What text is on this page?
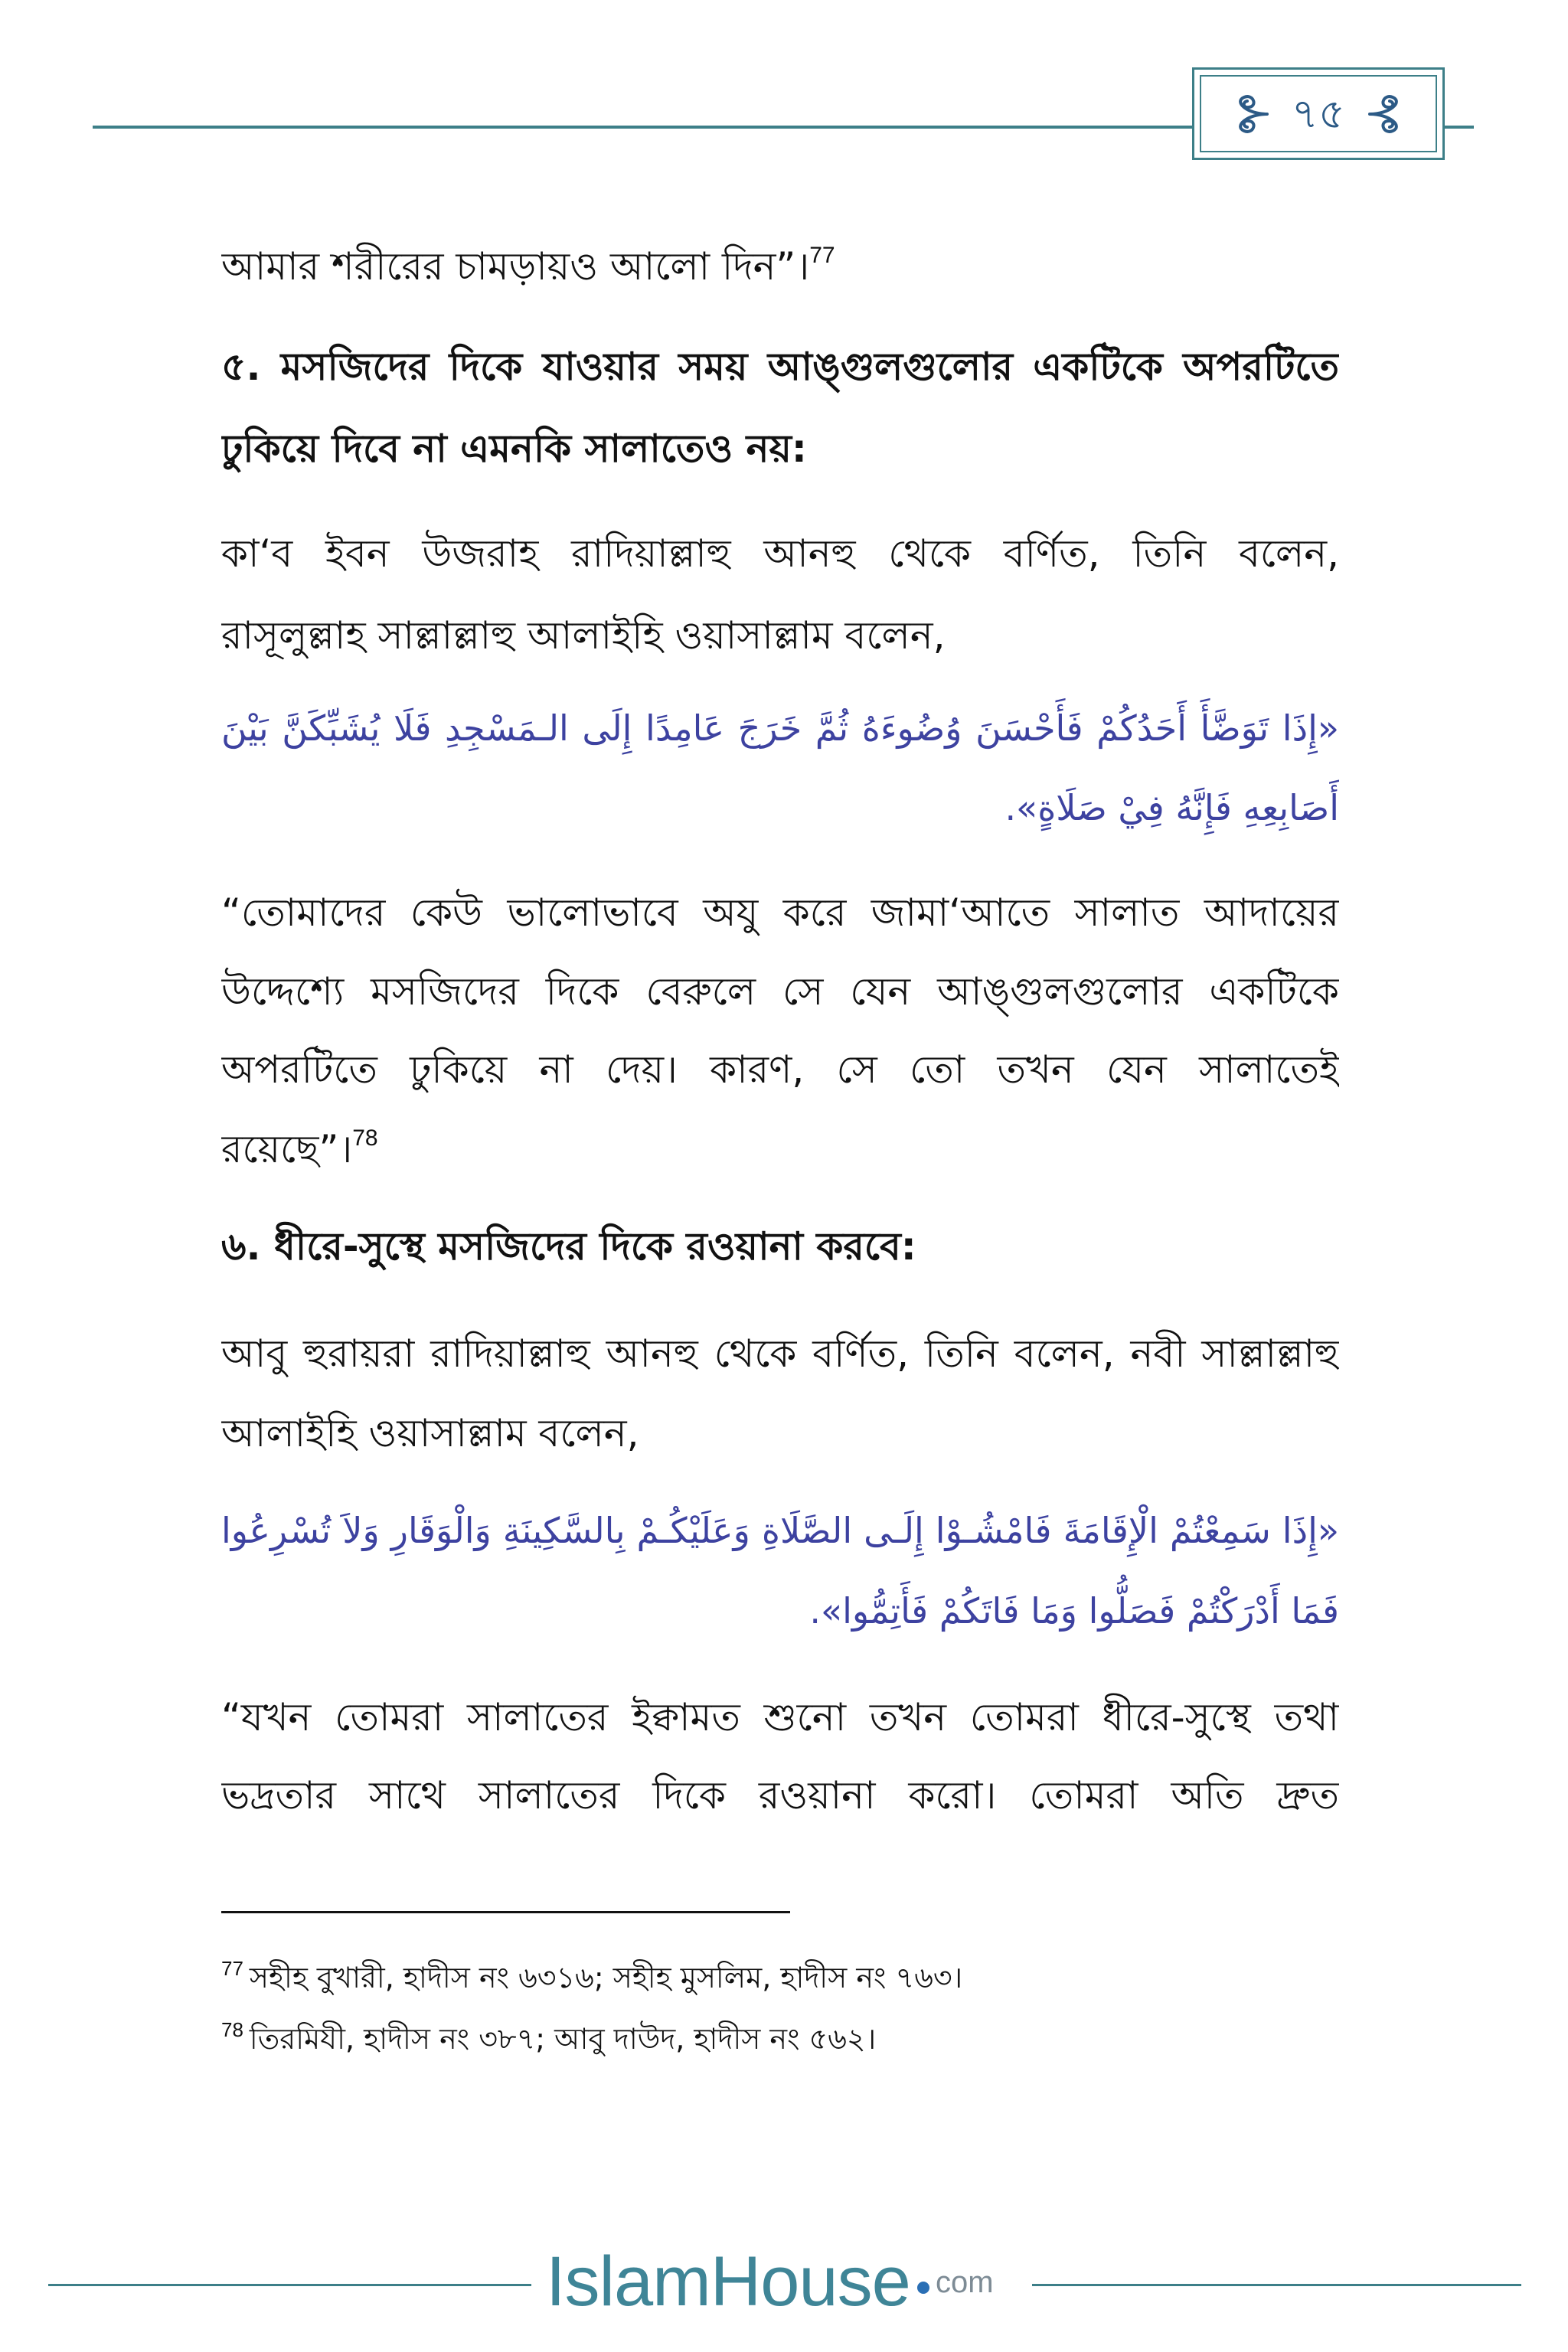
৭৫
আমার শরীরের চামড়ায়ও আলো দিন”।$^{77}$
৫. মসজিদের দিকে যাওয়ার সময় আঙ্গুলগুলোর একটিকে অপরটিতে
ঢুকিয়ে দিবে না এমনকি সালাতেও নয়:
কা‘ব ইবন উজরাহ রাদিয়াল্লাহু আনহু থেকে বর্ণিত, তিনি বলেন,
রাসূলুল্লাহ সাল্লাল্লাহু আলাইহি ওয়াসাল্লাম বলেন,
«إِذَا تَوَضَّأَ أَحَدُكُمْ فَأَحْسَنَ وُضُوءَهُ ثُمَّ خَرَجَ عَامِدًا إِلَى الـمَسْجِدِ فَلَا يُشَبِّكَنَّ بَيْنَ
أَصَابِعِهِ فَإِنَّهُ فِيْ صَلَاةٍ».
“তোমাদের কেউ ভালোভাবে অযু করে জামা‘আতে সালাত আদায়ের
উদ্দেশ্যে মসজিদের দিকে বেরুলে সে যেন আঙ্গুলগুলোর একটিকে
অপরটিতে ঢুকিয়ে না দেয়। কারণ, সে তো তখন যেন সালাতেই
রয়েছে”।$^{78}$
৬. ধীরে-সুস্থে মসজিদের দিকে রওয়ানা করবে:
আবু হুরায়রা রাদিয়াল্লাহু আনহু থেকে বর্ণিত, তিনি বলেন, নবী সাল্লাল্লাহু
আলাইহি ওয়াসাল্লাম বলেন,
«إِذَا سَمِعْتُمْ الْإِقَامَةَ فَامْشُـوْا إِلَـى الصَّلَاةِ وَعَلَيْكُـمْ بِالسَّكِينَةِ وَالْوَقَارِ وَلاَ تُسْرِعُوا
فَمَا أَدْرَكْتُمْ فَصَلُّوا وَمَا فَاتَكُمْ فَأَتِمُّوا».
“যখন তোমরা সালাতের ইক্বামত শুনো তখন তোমরা ধীরে-সুস্থে তথা
ভদ্রতার সাথে সালাতের দিকে রওয়ানা করো। তোমরা অতি দ্রুত
$^{77}$ সহীহ বুখারী, হাদীস নং ৬৩১৬; সহীহ মুসলিম, হাদীস নং ৭৬৩।
$^{78}$ তিরমিযী, হাদীস নং ৩৮৭; আবু দাউদ, হাদীস নং ৫৬২।
IslamHouse com
